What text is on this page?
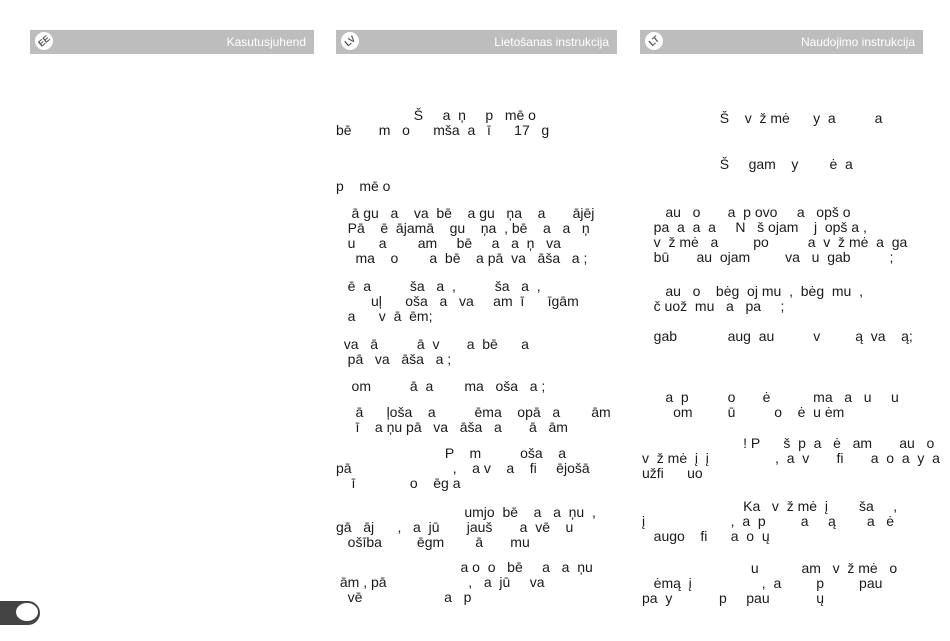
EE	Kasutusjuhend	LV	Lietošanas instrukcija	LT	Naudojimo instrukcija

Š     a  ņ     p   mē o
bē       m   o      mša  a   ī      17   g

p    mē o

ā gu   a    va  bē    a gu   ņa    a       ājēj
Pā    ē  ājamā    gu    ņa  , bē    a   a   ņ
u      a        am     bē     a   a  ņ   va
ma    o        a  bē    a pā  va   āša   a ;

ē  a          ša   a  ,          ša   a  ,
uļ      oša   a   va     am  ī      īgām
a      v  ā  ēm;

va   ā          ā  v       a  bē      a
pā   va   āša   a ;

om          ā  a        ma   oša   a ;

ā      ļoša    a          ēma    opā   a        ām
ī    a ņu pā   va   āša   a       ā   ām

P    m          oša    a
pā                          ,    a v    a    fi     ējošā
ī              o    ēg a

umjo  bē    a   a  ņu  ,
gā   āj      ,   a  jū       jauš       a  vē    u
ošība         ēgm        ā       mu

a o  o   bē     a   a  ņu
ām , pā                     ,   a  jū     va
vē                     a   p

Š    v  ž mė      y  a          a

Š     gam    y        ė  a

au   o       a  p ovo     a   opš o
pa  a  a  a     N   š ojam    j  opš a ,
v  ž mė   a         po          a  v  ž mė  a  ga
bū       au  ojam         va   u  gab          ;

au   o    bėg  oj mu  ,  bėg  mu  ,
č uož  mu   a   pa     ;

gab             aug  au          v         ą  va    ą;

a  p          o       ė           ma   a   u     u
om         ū          o    ė  u ėm

! P      š  p  a   ė   am       au   o
v  ž mė  į  į                 ,  a  v       fi       a  o  a  y  a
užfi      uo

Ka   v  ž mė  į        ša     ,
į                      ,  a  p         a     ą        a   ė
augo    fi      a  o  ų

u           am   v  ž mė   o
ėmą  į                  ,  a         p         pau
pa  y            p     pau            ų
